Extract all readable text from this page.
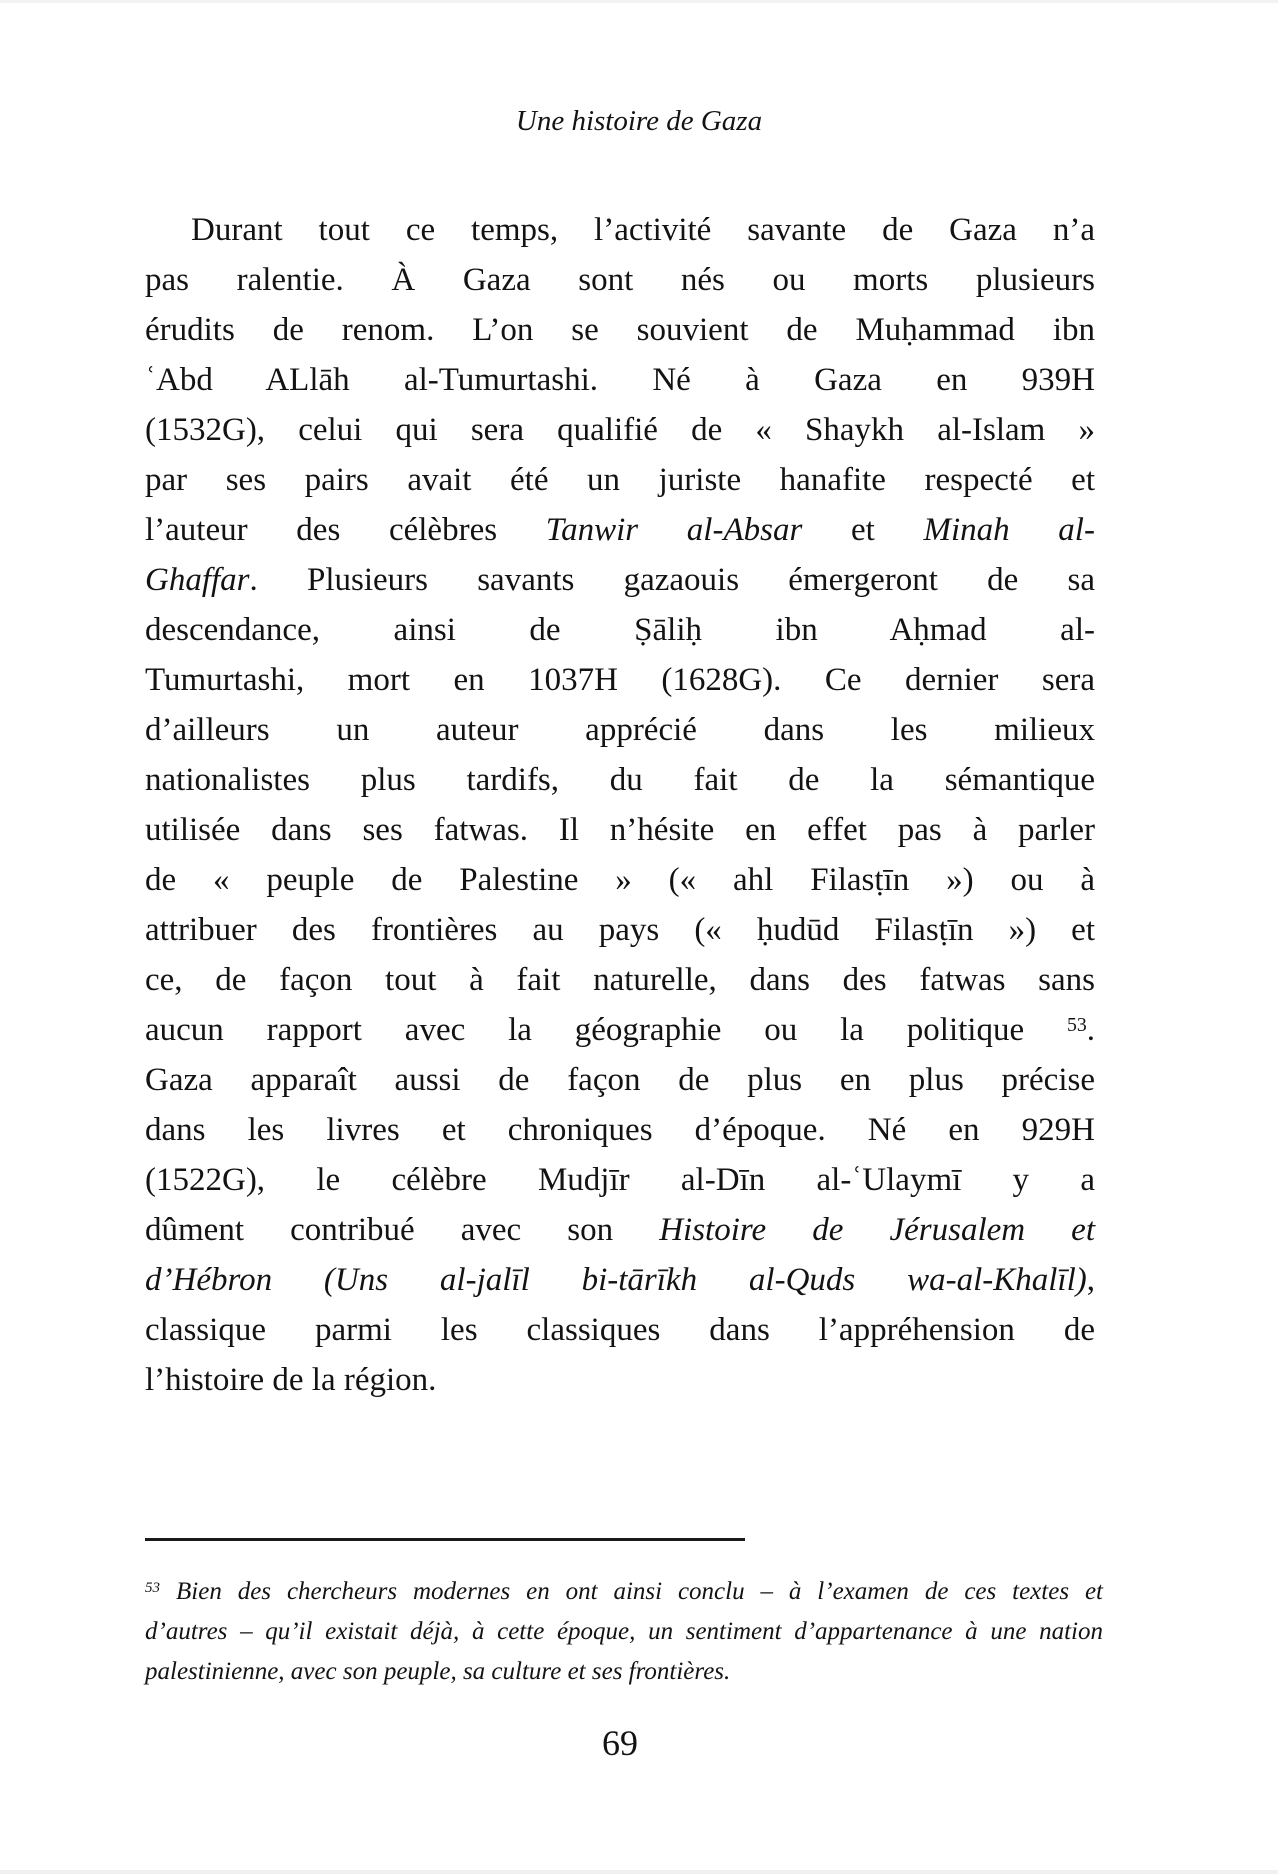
Une histoire de Gaza
Durant tout ce temps, l’activité savante de Gaza n’a
pas ralentie. À Gaza sont nés ou morts plusieurs
érudits de renom. L’on se souvient de Muḥammad ibn
ʿAbd ALlāh al-Tumurtashi. Né à Gaza en 939H
(1532G), celui qui sera qualifié de « Shaykh al-Islam »
par ses pairs avait été un juriste hanafite respecté et
l’auteur des célèbres Tanwir al-Absar et Minah al-
Ghaffar. Plusieurs savants gazaouis émergeront de sa
descendance, ainsi de Ṣāliḥ ibn Aḥmad al-
Tumurtashi, mort en 1037H (1628G). Ce dernier sera
d’ailleurs un auteur apprécié dans les milieux
nationalistes plus tardifs, du fait de la sémantique
utilisée dans ses fatwas. Il n’hésite en effet pas à parler
de « peuple de Palestine » (« ahl Filasṭīn ») ou à
attribuer des frontières au pays (« ḥudūd Filasṭīn ») et
ce, de façon tout à fait naturelle, dans des fatwas sans
aucun rapport avec la géographie ou la politique $^{53}$.
Gaza apparaît aussi de façon de plus en plus précise
dans les livres et chroniques d’époque. Né en 929H
(1522G), le célèbre Mudjīr al-Dīn al-ʿUlaymī y a
dûment contribué avec son Histoire de Jérusalem et
d’Hébron (Uns al-jalīl bi-tārīkh al-Quds wa-al-Khalīl),
classique parmi les classiques dans l’appréhension de
l’histoire de la région.
$^{53}$ Bien des chercheurs modernes en ont ainsi conclu – à l’examen de ces textes et
d’autres – qu’il existait déjà, à cette époque, un sentiment d’appartenance à une nation
palestinienne, avec son peuple, sa culture et ses frontières.
69
